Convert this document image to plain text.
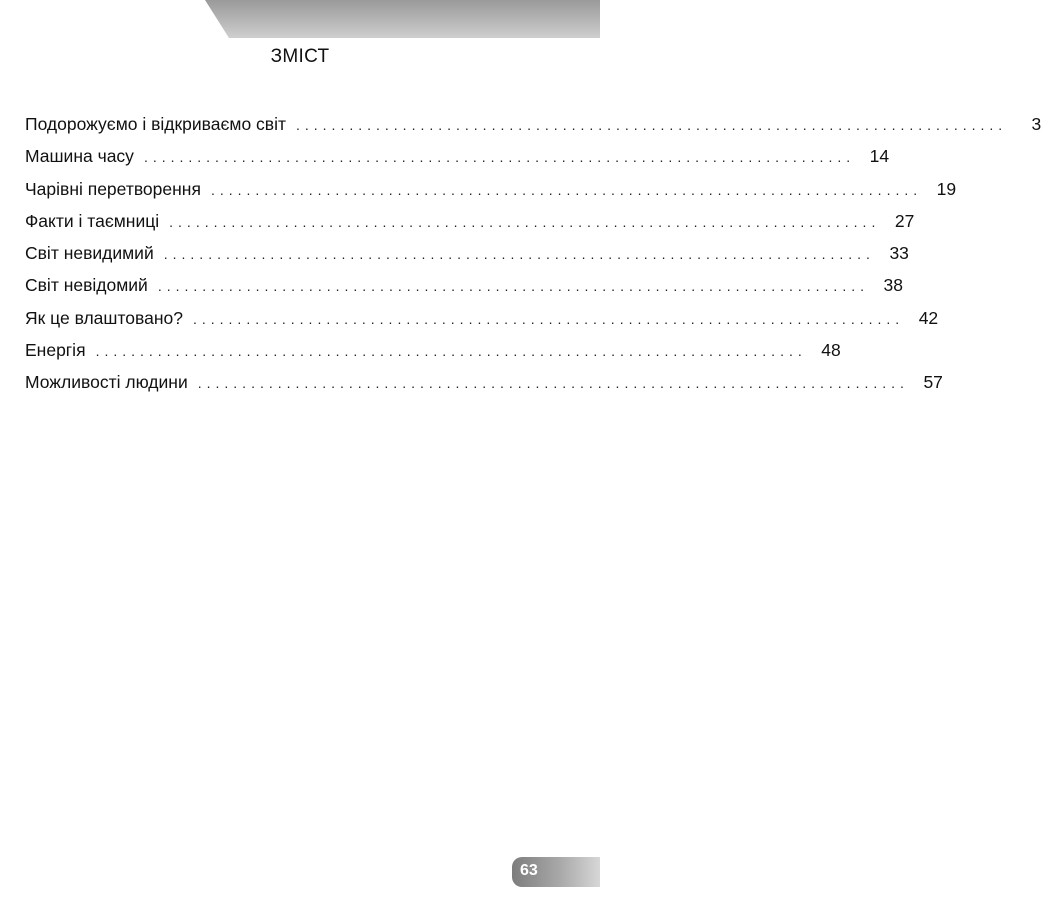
ЗМІСТ
Подорожуємо і відкриваємо світ ................................................................................	3
Машина часу ................................................................................ 14
Чарівні перетворення ................................................................................ 19
Факти і таємниці ................................................................................ 27
Світ невидимий ................................................................................ 33
Світ невідомий ................................................................................ 38
Як це влаштовано? ................................................................................ 42
Енергія ................................................................................ 48
Можливості людини ................................................................................ 57
63
